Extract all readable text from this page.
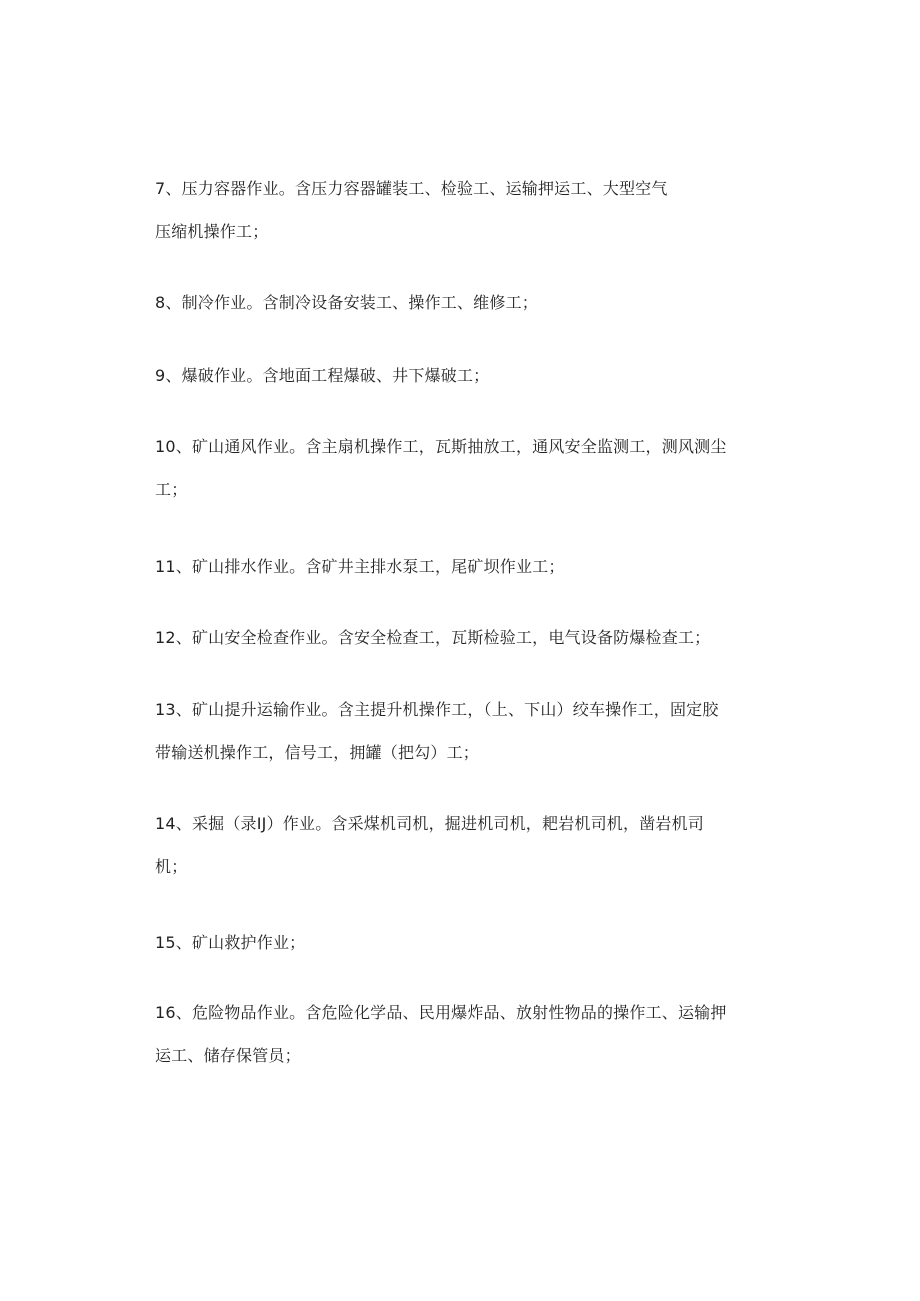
7、压力容器作业。含压力容器罐装工、检验工、运输押运工、大型空气
压缩机操作工；
8、制冷作业。含制冷设备安装工、操作工、维修工；
9、爆破作业。含地面工程爆破、井下爆破工；
10、矿山通风作业。含主扇机操作工，瓦斯抽放工，通风安全监测工，测风测尘
工；
11、矿山排水作业。含矿井主排水泵工，尾矿坝作业工；
12、矿山安全检查作业。含安全检查工，瓦斯检验工，电气设备防爆检查工；
13、矿山提升运输作业。含主提升机操作工，（上、下山）绞车操作工，固定胶
带输送机操作工，信号工，拥罐（把勾）工；
14、采掘（录IJ）作业。含采煤机司机，掘进机司机，耙岩机司机，凿岩机司
机；
15、矿山救护作业；
16、危险物品作业。含危险化学品、民用爆炸品、放射性物品的操作工、运输押
运工、储存保管员；
